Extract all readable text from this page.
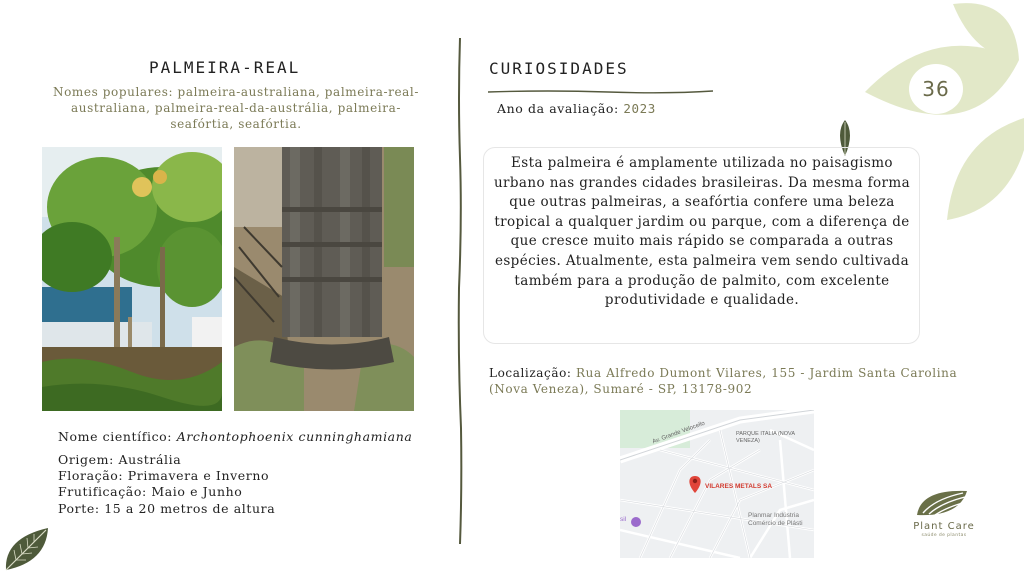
PALMEIRA-REAL
Nomes populares: palmeira-australiana, palmeira-real-australiana, palmeira-real-da-austrália, palmeira-seafórtia, seafórtia.
Nome científico: Archontophoenix cunninghamiana
Origem: Austrália
Floração: Primavera e Inverno
Frutificação: Maio e Junho
Porte: 15 a 20 metros de altura
CURIOSIDADES
Ano da avaliação: 2023
Esta palmeira é amplamente utilizada no paisagismo urbano nas grandes cidades brasileiras. Da mesma forma que outras palmeiras, a seafórtia confere uma beleza tropical a qualquer jardim ou parque, com a diferença de que cresce muito mais rápido se comparada a outras espécies. Atualmente, esta palmeira vem sendo cultivada também para a produção de palmito, com excelente produtividade e qualidade.
Localização: Rua Alfredo Dumont Vilares, 155 - Jardim Santa Carolina (Nova Veneza), Sumaré - SP, 13178-902
Av. Grande Velocello	PARQUE ITALIA (NOVA VENEZA)
VILARES METALS SA
Planmar Indústria
Comércio de Plásti
sil
36
Plant Care
saúde de plantas
